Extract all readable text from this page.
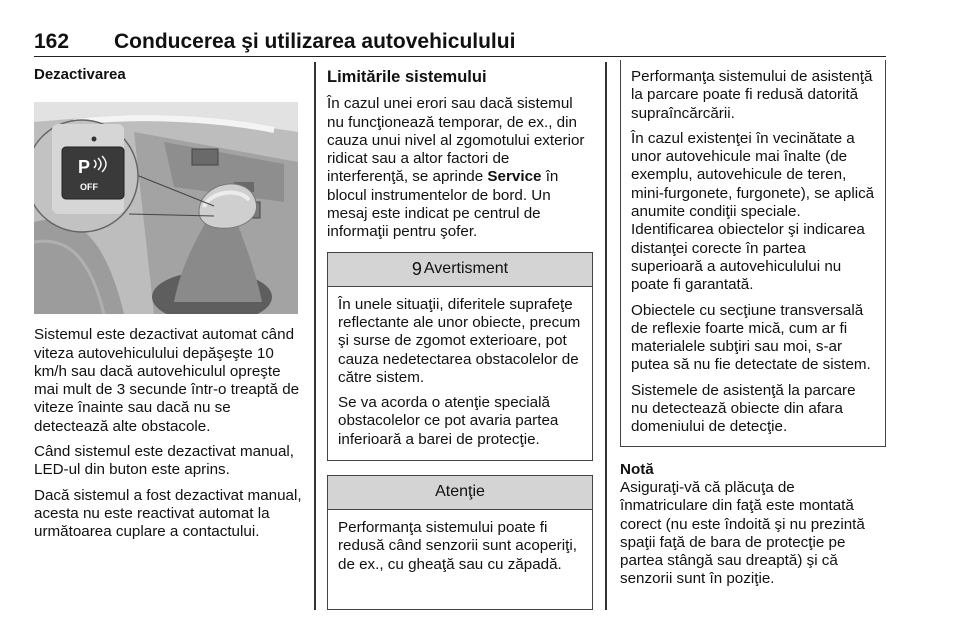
162 Conducerea şi utilizarea autovehiculului
Dezactivarea
P
OFF

Sistemul este dezactivat automat când viteza autovehiculului depăşeşte 10 km/h sau dacă autovehiculul opreşte mai mult de 3 secunde într-o treaptă de viteze înainte sau dacă nu se detectează alte obstacole.

Când sistemul este dezactivat manual, LED-ul din buton este aprins.

Dacă sistemul a fost dezactivat manual, acesta nu este reactivat automat la următoarea cuplare a contactului.

Limitările sistemului

În cazul unei erori sau dacă sistemul nu funcţionează temporar, de ex., din cauza unui nivel al zgomotului exterior ridicat sau a altor factori de interferenţă, se aprinde Service în blocul instrumentelor de bord. Un mesaj este indicat pe centrul de informaţii pentru şofer.

9 Avertisment

În unele situaţii, diferitele suprafeţe reflectante ale unor obiecte, precum şi surse de zgomot exterioare, pot cauza nedetectarea obstacolelor de către sistem.

Se va acorda o atenţie specială obstacolelor ce pot avaria partea inferioară a barei de protecţie.

Atenţie

Performanţa sistemului poate fi redusă când senzorii sunt acoperiţi, de ex., cu gheaţă sau cu zăpadă.

Performanţa sistemului de asistenţă la parcare poate fi redusă datorită supraîncărcării.

În cazul existenţei în vecinătate a unor autovehicule mai înalte (de exemplu, autovehicule de teren, mini-furgonete, furgonete), se aplică anumite condiţii speciale. Identificarea obiectelor şi indicarea distanţei corecte în partea superioară a autovehiculului nu poate fi garantată.

Obiectele cu secţiune transversală de reflexie foarte mică, cum ar fi materialele subţiri sau moi, s-ar putea să nu fie detectate de sistem.

Sistemele de asistenţă la parcare nu detectează obiecte din afara domeniului de detecţie.

Notă

Asiguraţi-vă că plăcuţa de înmatriculare din faţă este montată corect (nu este îndoită şi nu prezintă spaţii faţă de bara de protecţie pe partea stângă sau dreaptă) şi că senzorii sunt în poziţie.
